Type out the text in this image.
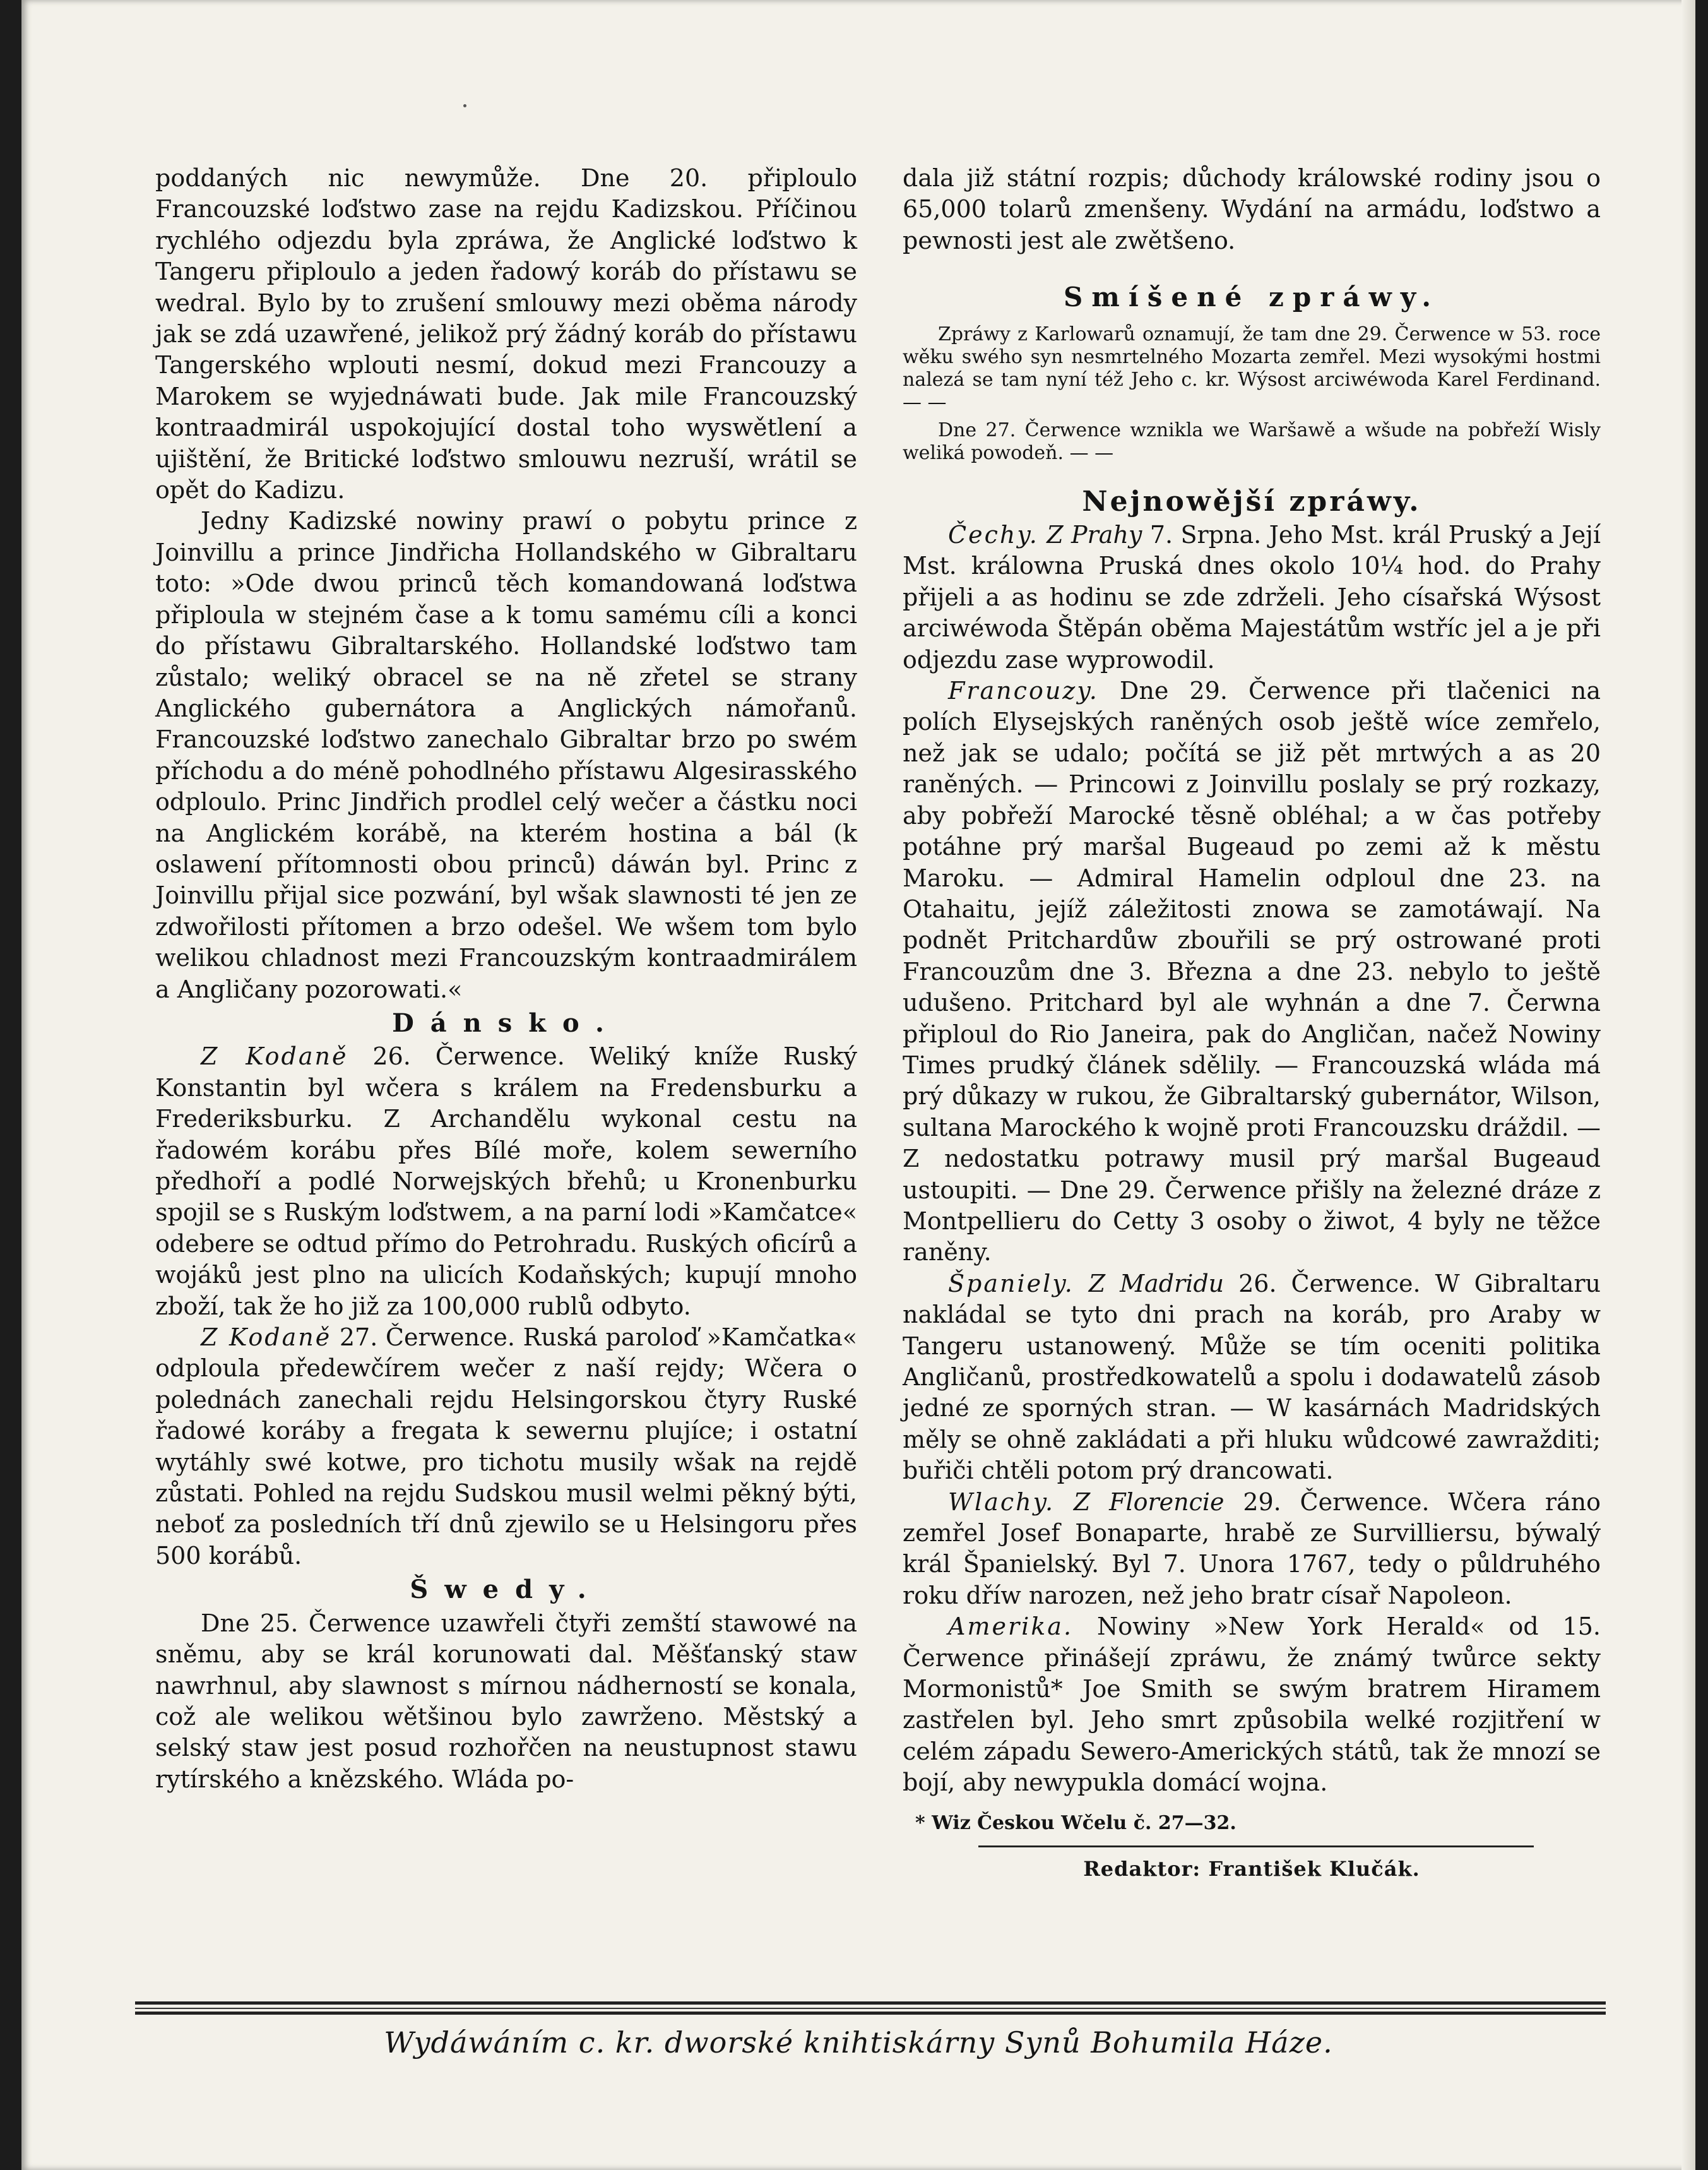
poddaných nic newymůže. Dne 20. připloulo Francouzské loďstwo zase na rejdu Kadizskou. Příčinou rychlého odjezdu byla zpráwa, že Anglické loďstwo k Tangeru připloulo a jeden řadowý koráb do přístawu se wedral. Bylo by to zrušení smlouwy mezi oběma národy jak se zdá uzawřené, jelikož prý žádný koráb do přístawu Tangerského wplouti nesmí, dokud mezi Francouzy a Marokem se wyjednáwati bude. Jak mile Francouzský kontraadmirál uspokojující dostal toho wyswětlení a ujištění, že Britické loďstwo smlouwu nezruší, wrátil se opět do Kadizu.

Jedny Kadizské nowiny prawí o pobytu prince z Joinvillu a prince Jindřicha Hollandského w Gibraltaru toto: »Ode dwou princů těch komandowaná loďstwa připloula w stejném čase a k tomu samému cíli a konci do přístawu Gibraltarského. Hollandské loďstwo tam zůstalo; weliký obracel se na ně zřetel se strany Anglického gubernátora a Anglických námořanů. Francouzské loďstwo zanechalo Gibraltar brzo po swém příchodu a do méně pohodlného přístawu Algesirasského odploulo. Princ Jindřich prodlel celý wečer a částku noci na Anglickém korábě, na kterém hostina a bál (k oslawení přítomnosti obou princů) dáwán byl. Princ z Joinvillu přijal sice pozwání, byl wšak slawnosti té jen ze zdwořilosti přítomen a brzo odešel. We wšem tom bylo welikou chladnost mezi Francouzským kontraadmirálem a Angličany pozorowati.«

Dánsko.

Z Kodaně 26. Čerwence. Weliký kníže Ruský Konstantin byl wčera s králem na Fredensburku a Frederiksburku. Z Archandělu wykonal cestu na řadowém korábu přes Bílé moře, kolem sewerního předhoří a podlé Norwejských břehů; u Kronenburku spojil se s Ruským loďstwem, a na parní lodi »Kamčatce« odebere se odtud přímo do Petrohradu. Ruských oficírů a wojáků jest plno na ulicích Kodaňských; kupují mnoho zboží, tak že ho již za 100,000 rublů odbyto.

Z Kodaně 27. Čerwence. Ruská paroloď »Kamčatka« odploula předewčírem wečer z naší rejdy; Wčera o polednách zanechali rejdu Helsingorskou čtyry Ruské řadowé koráby a fregata k sewernu plujíce; i ostatní wytáhly swé kotwe, pro tichotu musily wšak na rejdě zůstati. Pohled na rejdu Sudskou musil welmi pěkný býti, neboť za posledních tří dnů zjewilo se u Helsingoru přes 500 korábů.

Šwedy.

Dne 25. Čerwence uzawřeli čtyři zemští stawowé na sněmu, aby se král korunowati dal. Měšťanský staw nawrhnul, aby slawnost s mírnou nádherností se konala, což ale welikou wětšinou bylo zawrženo. Městský a selský staw jest posud rozhořčen na neustupnost stawu rytírského a knězského. Wláda po-

dala již státní rozpis; důchody králowské rodiny jsou o 65,000 tolarů zmenšeny. Wydání na armádu, loďstwo a pewnosti jest ale zwětšeno.

Smíšené zpráwy.

Zpráwy z Karlowarů oznamují, že tam dne 29. Čerwence w 53. roce wěku swého syn nesmrtelného Mozarta zemřel. Mezi wysokými hostmi nalezá se tam nyní též Jeho c. kr. Wýsost arciwéwoda Karel Ferdinand. — —

Dne 27. Čerwence wznikla we Waršawě a wšude na pobřeží Wisly weliká powodeň. — —

Nejnowější zpráwy.

Čechy. Z Prahy 7. Srpna. Jeho Mst. král Pruský a Její Mst. králowna Pruská dnes okolo 10¼ hod. do Prahy přijeli a as hodinu se zde zdrželi. Jeho císařská Wýsost arciwéwoda Štěpán oběma Majestátům wstříc jel a je při odjezdu zase wyprowodil.

Francouzy. Dne 29. Čerwence při tlačenici na polích Elysejských raněných osob ještě wíce zemřelo, než jak se udalo; počítá se již pět mrtwých a as 20 raněných. — Princowi z Joinvillu poslaly se prý rozkazy, aby pobřeží Marocké těsně obléhal; a w čas potřeby potáhne prý maršal Bugeaud po zemi až k městu Maroku. — Admiral Hamelin odploul dne 23. na Otahaitu, jejíž záležitosti znowa se zamotáwají. Na podnět Pritchardůw zbouřili se prý ostrowané proti Francouzům dne 3. Března a dne 23. nebylo to ještě udušeno. Pritchard byl ale wyhnán a dne 7. Čerwna připloul do Rio Janeira, pak do Angličan, načež Nowiny Times prudký článek sdělily. — Francouzská wláda má prý důkazy w rukou, že Gibraltarský gubernátor, Wilson, sultana Marockého k wojně proti Francouzsku dráždil. — Z nedostatku potrawy musil prý maršal Bugeaud ustoupiti. — Dne 29. Čerwence přišly na železné dráze z Montpellieru do Cetty 3 osoby o žiwot, 4 byly ne těžce raněny.

Španiely. Z Madridu 26. Čerwence. W Gibraltaru nakládal se tyto dni prach na koráb, pro Araby w Tangeru ustanowený. Může se tím oceniti politika Angličanů, prostředkowatelů a spolu i dodawatelů zásob jedné ze sporných stran. — W kasárnách Madridských měly se ohně zakládati a při hluku wůdcowé zawražditi; buřiči chtěli potom prý drancowati.

Wlachy. Z Florencie 29. Čerwence. Wčera ráno zemřel Josef Bonaparte, hrabě ze Survilliersu, býwalý král Španielský. Byl 7. Unora 1767, tedy o půldruhého roku dříw narozen, než jeho bratr císař Napoleon.

Amerika. Nowiny »New York Herald« od 15. Čerwence přinášejí zpráwu, že známý twůrce sekty Mormonistů* Joe Smith se swým bratrem Hiramem zastřelen byl. Jeho smrt způsobila welké rozjitření w celém západu Sewero-Amerických států, tak že mnozí se bojí, aby newypukla domácí wojna.

* Wiz Českou Wčelu č. 27—32.
Redaktor: František Klučák.
Wydáwáním c. kr. dworské knihtiskárny Synů Bohumila Háze.
